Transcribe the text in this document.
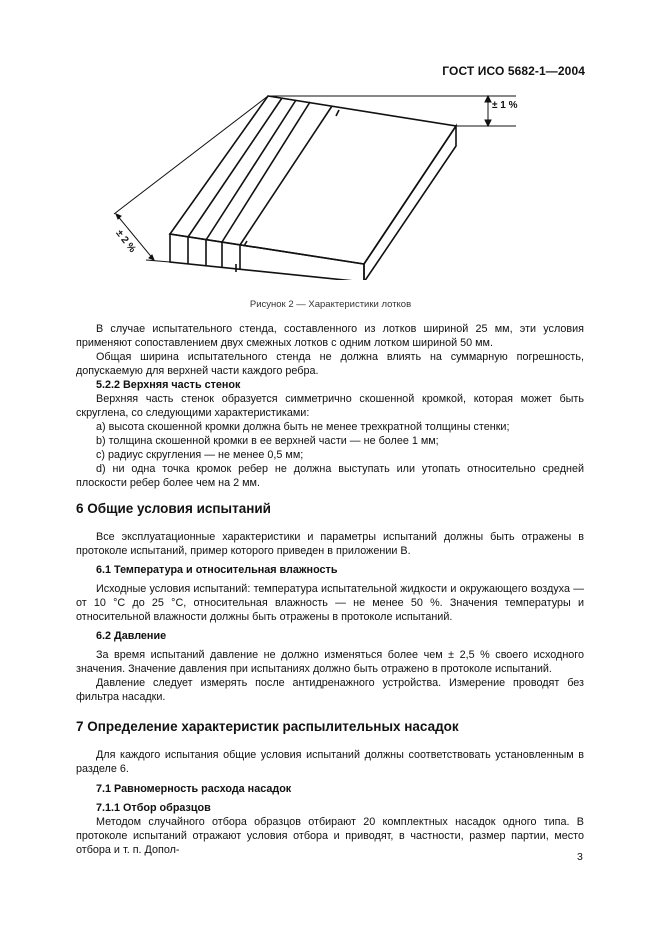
ГОСТ ИСО 5682-1—2004
± 1 %
± 2 %
Рисунок 2 — Характеристики лотков

В случае испытательного стенда, составленного из лотков шириной 25 мм, эти условия применяют сопоставлением двух смежных лотков с одним лотком шириной 50 мм.

Общая ширина испытательного стенда не должна влиять на суммарную погрешность, допускаемую для верхней части каждого ребра.

5.2.2 Верхняя часть стенок

Верхняя часть стенок образуется симметрично скошенной кромкой, которая может быть скруглена, со следующими характеристиками:

a) высота скошенной кромки должна быть не менее трехкратной толщины стенки;

b) толщина скошенной кромки в ее верхней части — не более 1 мм;

c) радиус скругления — не менее 0,5 мм;

d) ни одна точка кромок ребер не должна выступать или утопать относительно средней плоскости ребер более чем на 2 мм.

6 Общие условия испытаний

Все эксплуатационные характеристики и параметры испытаний должны быть отражены в протоколе испытаний, пример которого приведен в приложении В.

6.1 Температура и относительная влажность

Исходные условия испытаний: температура испытательной жидкости и окружающего воздуха — от 10 °С до 25 °С, относительная влажность — не менее 50 %. Значения температуры и относительной влажности должны быть отражены в протоколе испытаний.

6.2 Давление

За время испытаний давление не должно изменяться более чем ± 2,5 % своего исходного значения. Значение давления при испытаниях должно быть отражено в протоколе испытаний.

Давление следует измерять после антидренажного устройства. Измерение проводят без фильтра насадки.

7 Определение характеристик распылительных насадок

Для каждого испытания общие условия испытаний должны соответствовать установленным в разделе 6.

7.1 Равномерность расхода насадок

7.1.1 Отбор образцов

Методом случайного отбора образцов отбирают 20 комплектных насадок одного типа. В протоколе испытаний отражают условия отбора и приводят, в частности, размер партии, место отбора и т. п. Допол-

3
